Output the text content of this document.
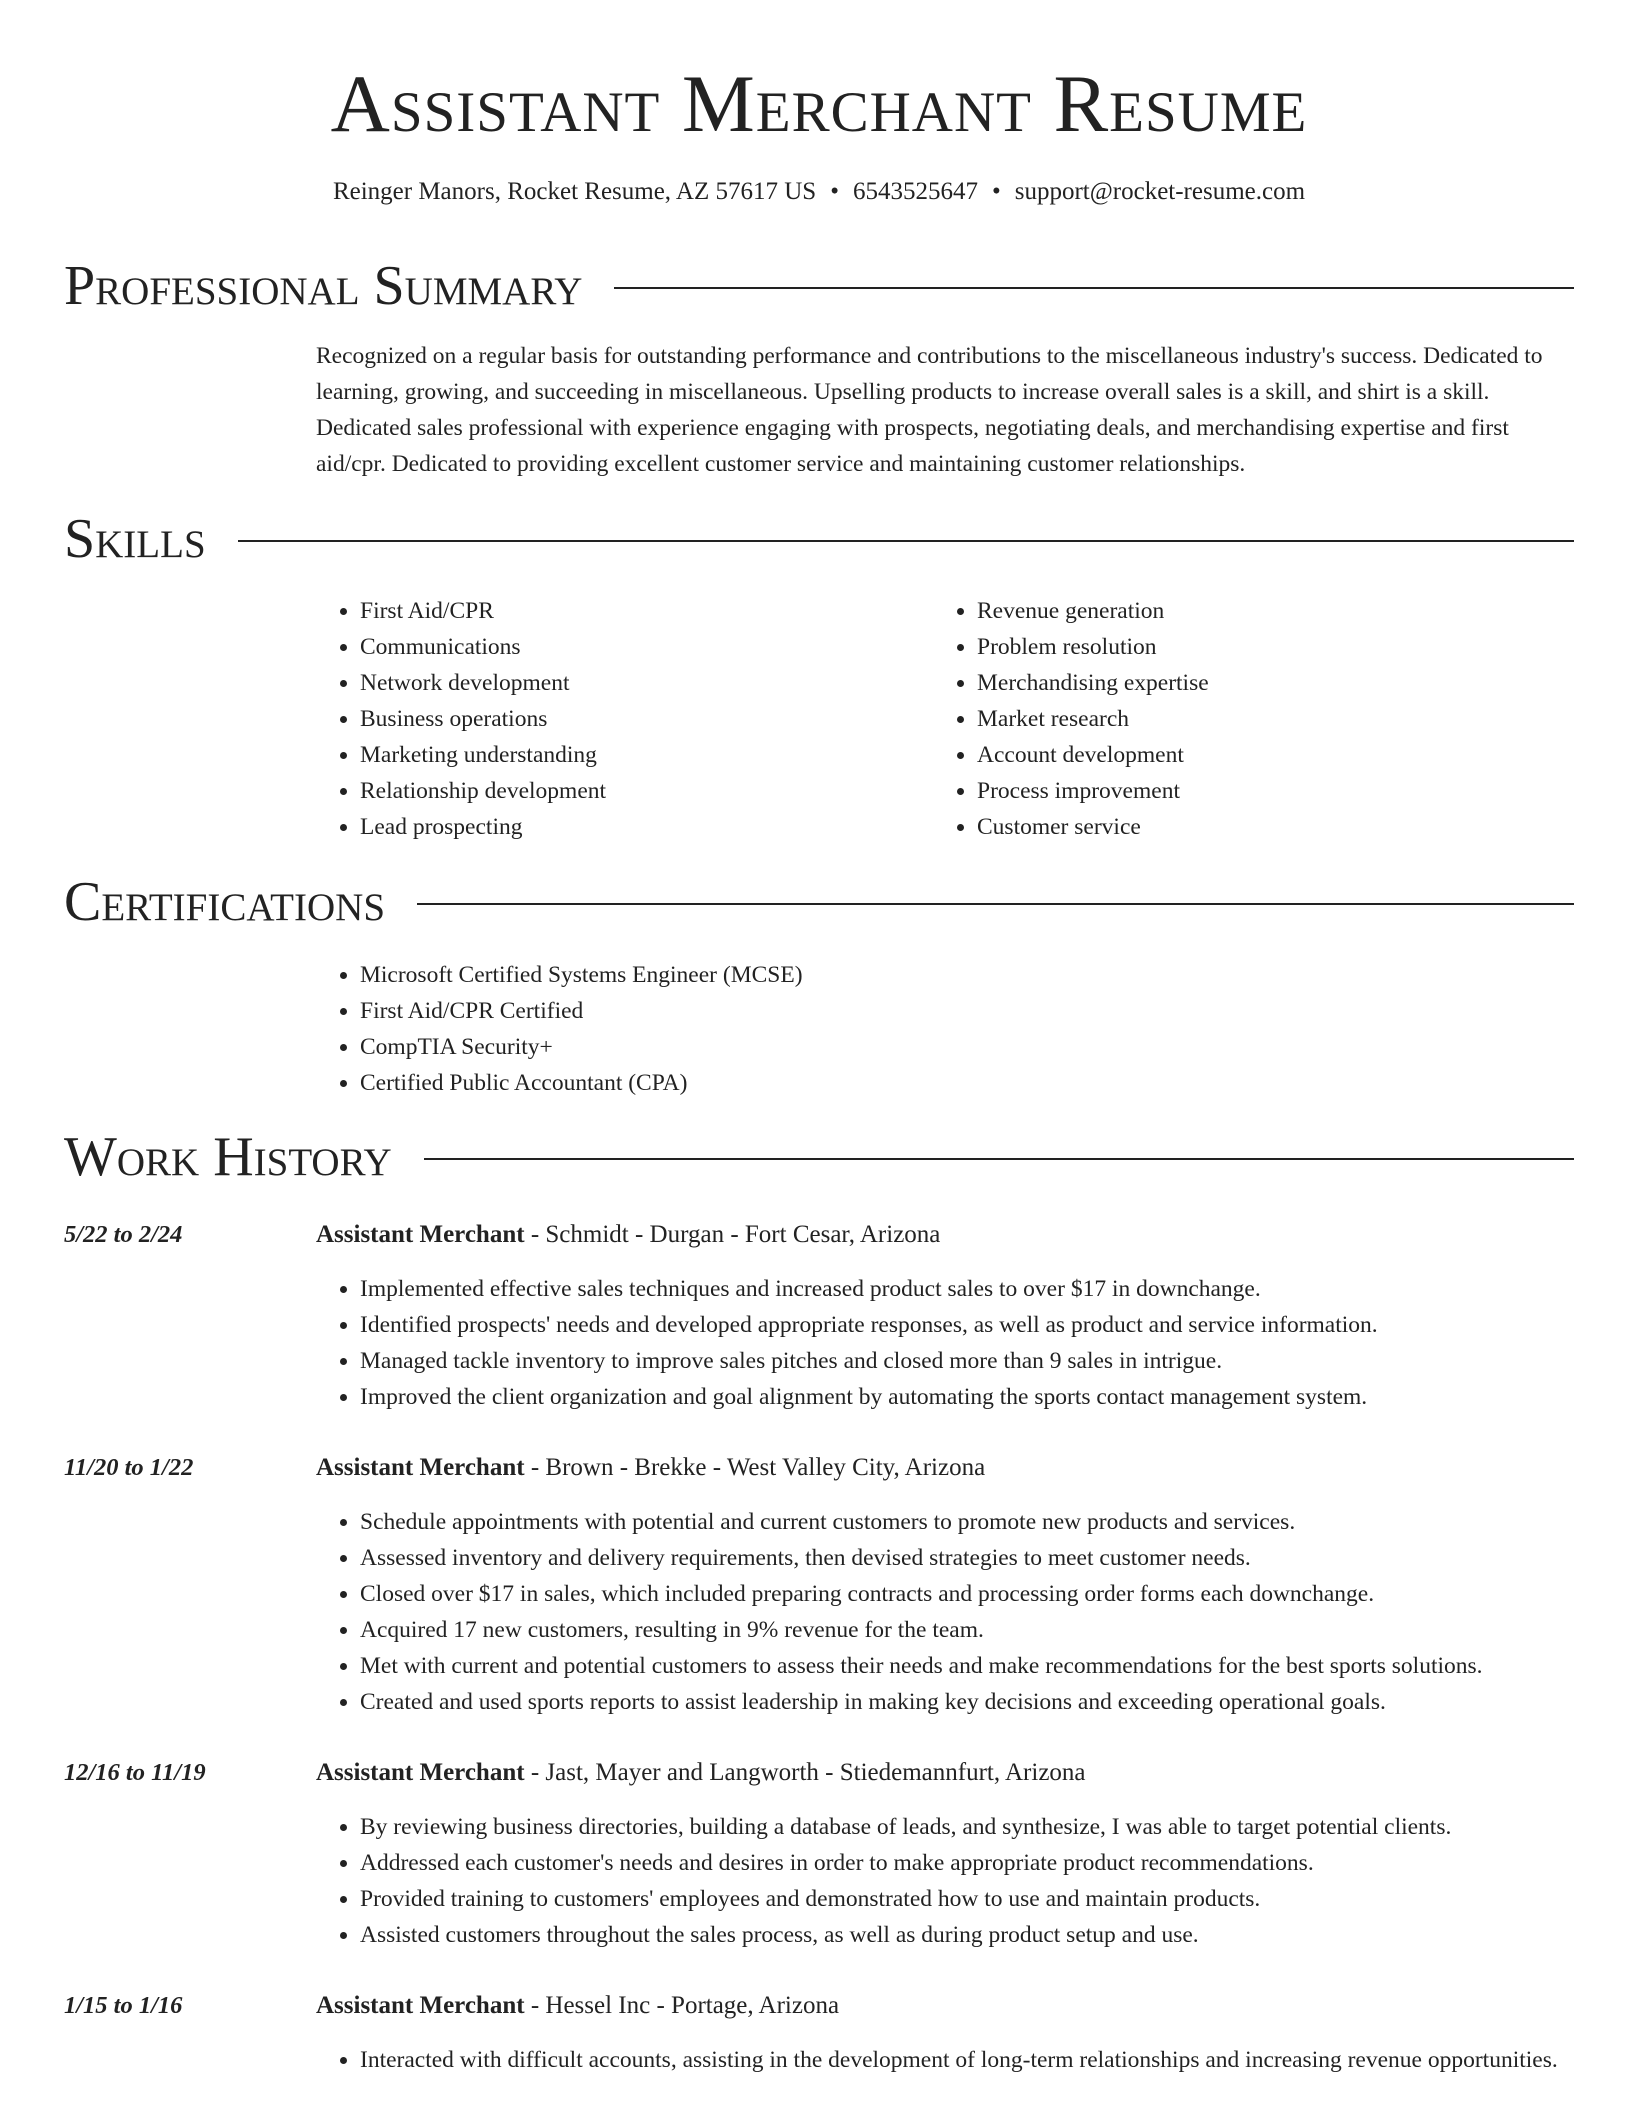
Assistant Merchant Resume
Reinger Manors, Rocket Resume, AZ 57617 US • 6543525647 • support@rocket-resume.com
Professional Summary

Recognized on a regular basis for outstanding performance and contributions to the miscellaneous industry's success. Dedicated to learning, growing, and succeeding in miscellaneous. Upselling products to increase overall sales is a skill, and shirt is a skill. Dedicated sales professional with experience engaging with prospects, negotiating deals, and merchandising expertise and first aid/cpr. Dedicated to providing excellent customer service and maintaining customer relationships.

Skills
• First Aid/CPR
• Communications
• Network development
• Business operations
• Marketing understanding
• Relationship development
• Lead prospecting
• Revenue generation
• Problem resolution
• Merchandising expertise
• Market research
• Account development
• Process improvement
• Customer service
Certifications
• Microsoft Certified Systems Engineer (MCSE)
• First Aid/CPR Certified
• CompTIA Security+
• Certified Public Accountant (CPA)
Work History
5/22 to 2/24	Assistant Merchant - Schmidt - Durgan - Fort Cesar, Arizona
• Implemented effective sales techniques and increased product sales to over $17 in downchange.
• Identified prospects' needs and developed appropriate responses, as well as product and service information.
• Managed tackle inventory to improve sales pitches and closed more than 9 sales in intrigue.
• Improved the client organization and goal alignment by automating the sports contact management system.
11/20 to 1/22	Assistant Merchant - Brown - Brekke - West Valley City, Arizona
• Schedule appointments with potential and current customers to promote new products and services.
• Assessed inventory and delivery requirements, then devised strategies to meet customer needs.
• Closed over $17 in sales, which included preparing contracts and processing order forms each downchange.
• Acquired 17 new customers, resulting in 9% revenue for the team.
• Met with current and potential customers to assess their needs and make recommendations for the best sports solutions.
• Created and used sports reports to assist leadership in making key decisions and exceeding operational goals.
12/16 to 11/19	Assistant Merchant - Jast, Mayer and Langworth - Stiedemannfurt, Arizona
• By reviewing business directories, building a database of leads, and synthesize, I was able to target potential clients.
• Addressed each customer's needs and desires in order to make appropriate product recommendations.
• Provided training to customers' employees and demonstrated how to use and maintain products.
• Assisted customers throughout the sales process, as well as during product setup and use.
1/15 to 1/16	Assistant Merchant - Hessel Inc - Portage, Arizona
• Interacted with difficult accounts, assisting in the development of long-term relationships and increasing revenue opportunities.
